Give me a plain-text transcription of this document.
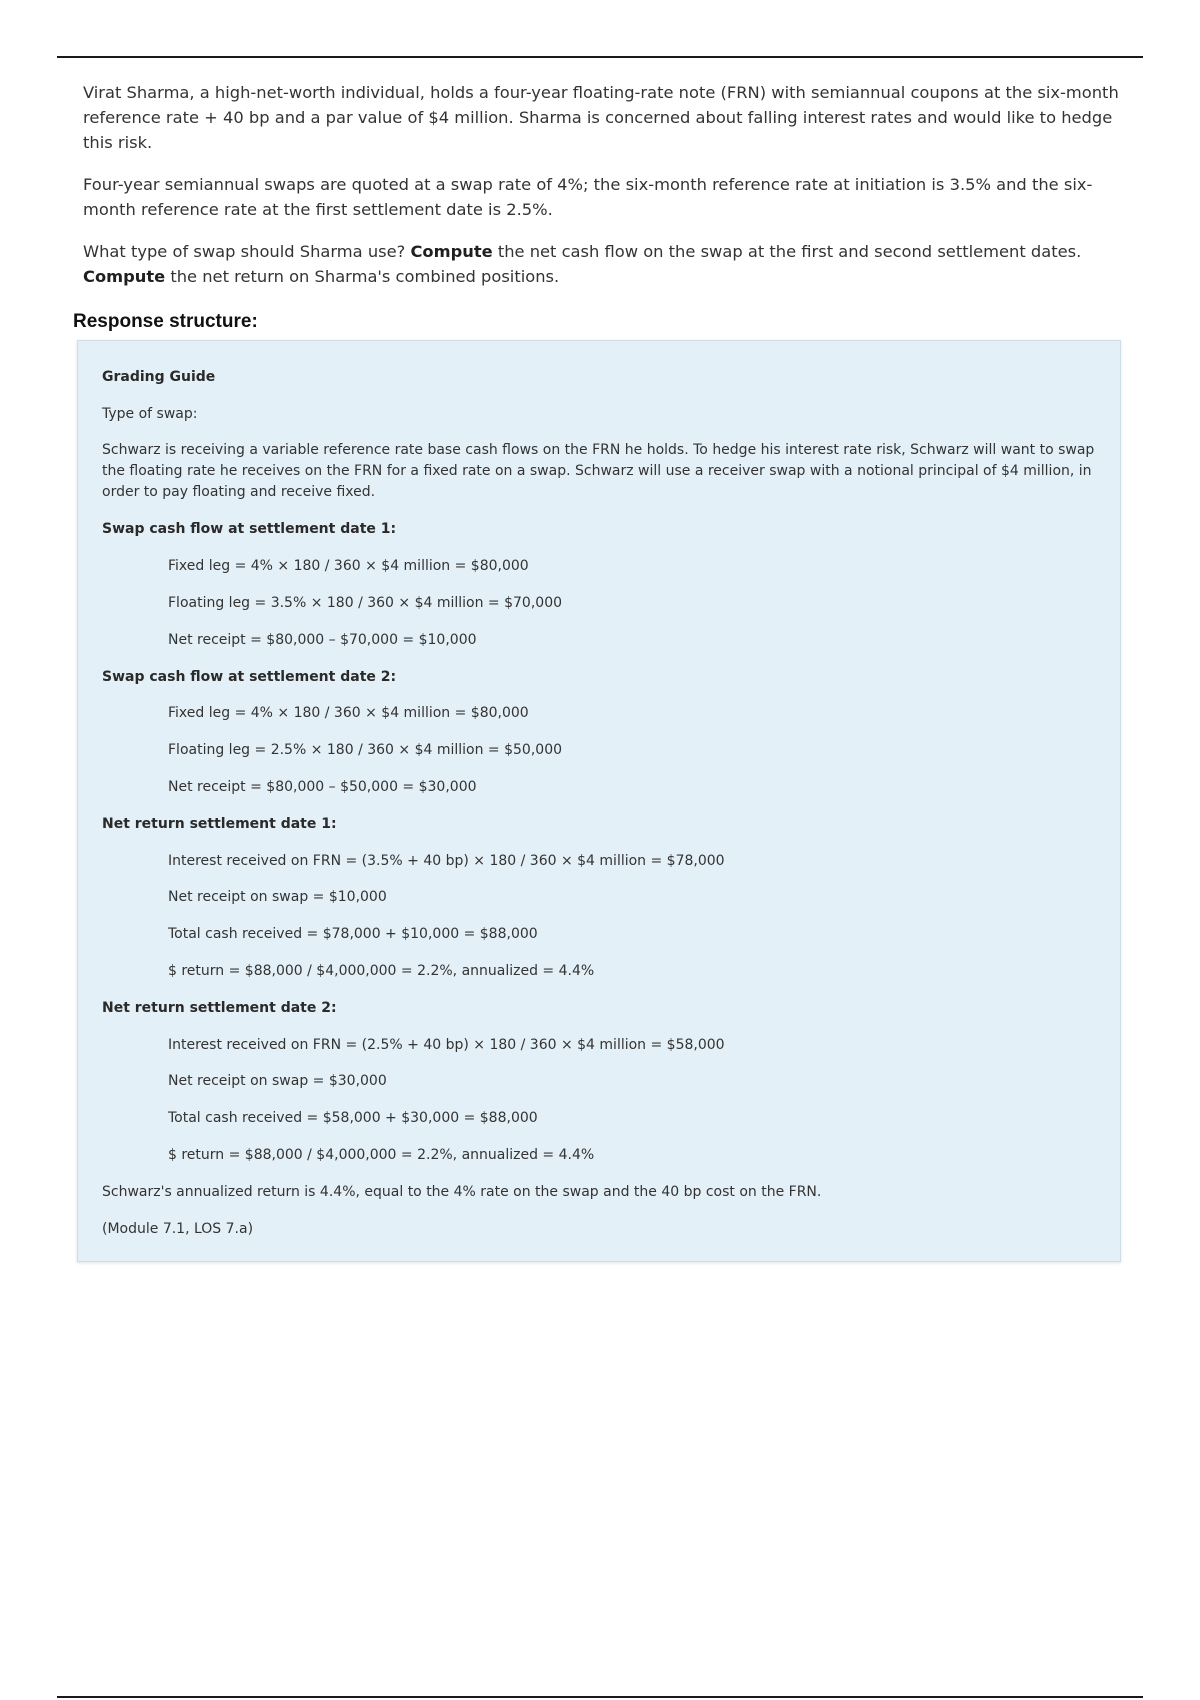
Virat Sharma, a high-net-worth individual, holds a four-year floating-rate note (FRN) with semiannual coupons at the six-month reference rate + 40 bp and a par value of $4 million. Sharma is concerned about falling interest rates and would like to hedge this risk.

Four-year semiannual swaps are quoted at a swap rate of 4%; the six-month reference rate at initiation is 3.5% and the six-month reference rate at the first settlement date is 2.5%.

What type of swap should Sharma use? Compute the net cash flow on the swap at the first and second settlement dates. Compute the net return on Sharma's combined positions.

Response structure:
Grading Guide
Type of swap:
Schwarz is receiving a variable reference rate base cash flows on the FRN he holds. To hedge his interest rate risk, Schwarz will want to swap the floating rate he receives on the FRN for a fixed rate on a swap. Schwarz will use a receiver swap with a notional principal of $4 million, in order to pay floating and receive fixed.
Swap cash flow at settlement date 1:
Fixed leg = 4% × 180 / 360 × $4 million = $80,000
Floating leg = 3.5% × 180 / 360 × $4 million = $70,000
Net receipt = $80,000 – $70,000 = $10,000
Swap cash flow at settlement date 2:
Fixed leg = 4% × 180 / 360 × $4 million = $80,000
Floating leg = 2.5% × 180 / 360 × $4 million = $50,000
Net receipt = $80,000 – $50,000 = $30,000
Net return settlement date 1:
Interest received on FRN = (3.5% + 40 bp) × 180 / 360 × $4 million = $78,000
Net receipt on swap = $10,000
Total cash received = $78,000 + $10,000 = $88,000
$ return = $88,000 / $4,000,000 = 2.2%, annualized = 4.4%
Net return settlement date 2:
Interest received on FRN = (2.5% + 40 bp) × 180 / 360 × $4 million = $58,000
Net receipt on swap = $30,000
Total cash received = $58,000 + $30,000 = $88,000
$ return = $88,000 / $4,000,000 = 2.2%, annualized = 4.4%
Schwarz's annualized return is 4.4%, equal to the 4% rate on the swap and the 40 bp cost on the FRN.
(Module 7.1, LOS 7.a)
